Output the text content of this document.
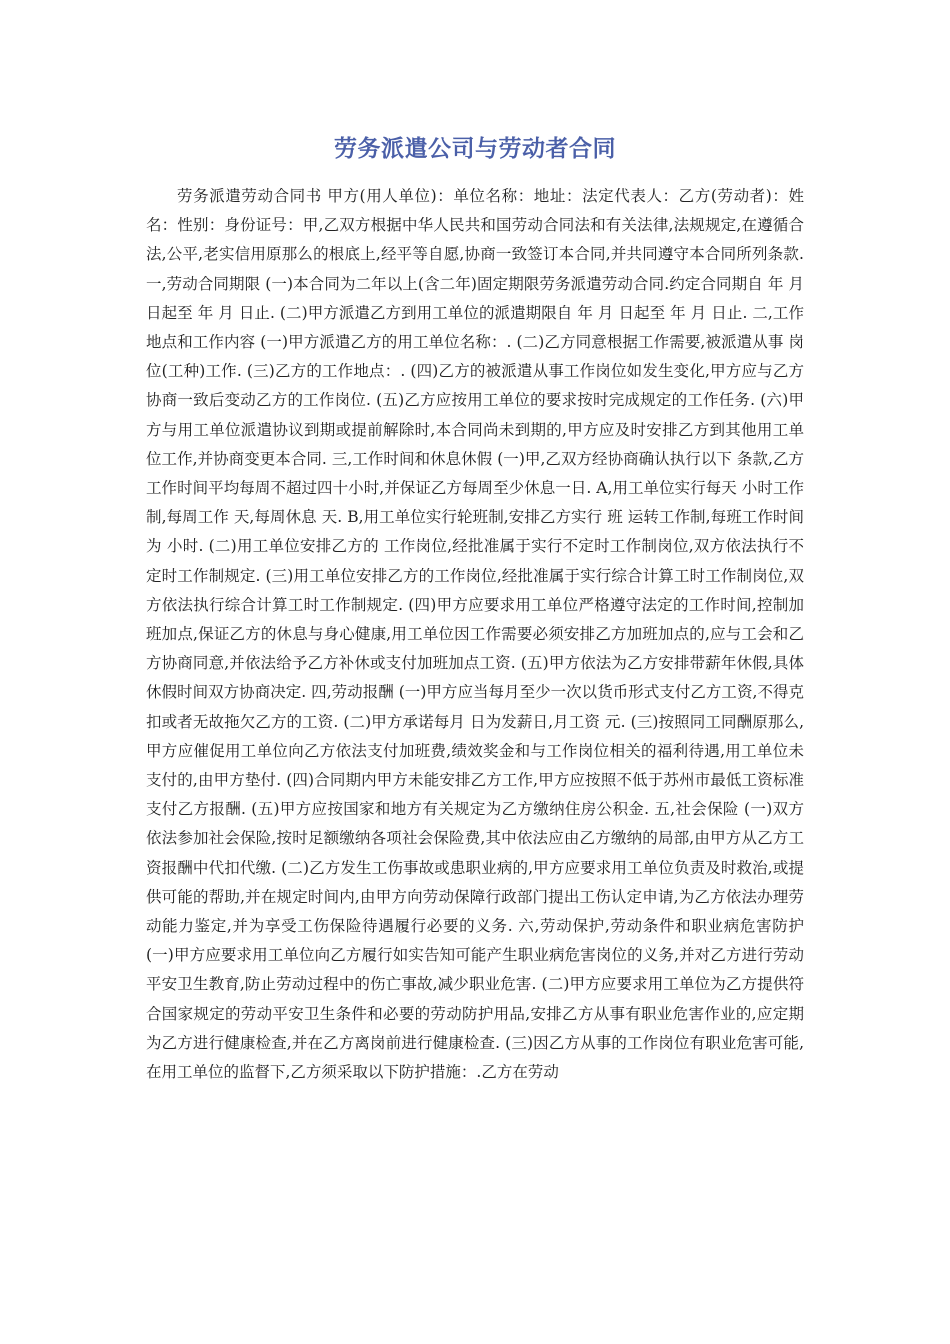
劳务派遣公司与劳动者合同
劳务派遣劳动合同书 甲方(用人单位)：单位名称：地址：法定代表人：乙方(劳动者)：姓名：性别：身份证号：甲,乙双方根据中华人民共和国劳动合同法和有关法律,法规规定,在遵循合法,公平,老实信用原那么的根底上,经平等自愿,协商一致签订本合同,并共同遵守本合同所列条款. 一,劳动合同期限 (一)本合同为二年以上(含二年)固定期限劳务派遣劳动合同.约定合同期自 年 月 日起至 年 月 日止. (二)甲方派遣乙方到用工单位的派遣期限自 年 月 日起至 年 月 日止. 二,工作地点和工作内容 (一)甲方派遣乙方的用工单位名称：. (二)乙方同意根据工作需要,被派遣从事 岗位(工种)工作. (三)乙方的工作地点：. (四)乙方的被派遣从事工作岗位如发生变化,甲方应与乙方协商一致后变动乙方的工作岗位. (五)乙方应按用工单位的要求按时完成规定的工作任务. (六)甲方与用工单位派遣协议到期或提前解除时,本合同尚未到期的,甲方应及时安排乙方到其他用工单位工作,并协商变更本合同. 三,工作时间和休息休假 (一)甲,乙双方经协商确认执行以下 条款,乙方工作时间平均每周不超过四十小时,并保证乙方每周至少休息一日. A,用工单位实行每天 小时工作制,每周工作 天,每周休息 天. B,用工单位实行轮班制,安排乙方实行 班 运转工作制,每班工作时间为 小时. (二)用工单位安排乙方的 工作岗位,经批准属于实行不定时工作制岗位,双方依法执行不定时工作制规定. (三)用工单位安排乙方的工作岗位,经批准属于实行综合计算工时工作制岗位,双方依法执行综合计算工时工作制规定. (四)甲方应要求用工单位严格遵守法定的工作时间,控制加班加点,保证乙方的休息与身心健康,用工单位因工作需要必须安排乙方加班加点的,应与工会和乙方协商同意,并依法给予乙方补休或支付加班加点工资. (五)甲方依法为乙方安排带薪年休假,具体休假时间双方协商决定. 四,劳动报酬 (一)甲方应当每月至少一次以货币形式支付乙方工资,不得克扣或者无故拖欠乙方的工资. (二)甲方承诺每月 日为发薪日,月工资 元. (三)按照同工同酬原那么,甲方应催促用工单位向乙方依法支付加班费,绩效奖金和与工作岗位相关的福利待遇,用工单位未支付的,由甲方垫付. (四)合同期内甲方未能安排乙方工作,甲方应按照不低于苏州市最低工资标准支付乙方报酬. (五)甲方应按国家和地方有关规定为乙方缴纳住房公积金. 五,社会保险 (一)双方依法参加社会保险,按时足额缴纳各项社会保险费,其中依法应由乙方缴纳的局部,由甲方从乙方工资报酬中代扣代缴. (二)乙方发生工伤事故或患职业病的,甲方应要求用工单位负责及时救治,或提供可能的帮助,并在规定时间内,由甲方向劳动保障行政部门提出工伤认定申请,为乙方依法办理劳动能力鉴定,并为享受工伤保险待遇履行必要的义务. 六,劳动保护,劳动条件和职业病危害防护 (一)甲方应要求用工单位向乙方履行如实告知可能产生职业病危害岗位的义务,并对乙方进行劳动平安卫生教育,防止劳动过程中的伤亡事故,减少职业危害. (二)甲方应要求用工单位为乙方提供符合国家规定的劳动平安卫生条件和必要的劳动防护用品,安排乙方从事有职业危害作业的,应定期为乙方进行健康检查,并在乙方离岗前进行健康检查. (三)因乙方从事的工作岗位有职业危害可能,在用工单位的监督下,乙方须采取以下防护措施：.乙方在劳动
